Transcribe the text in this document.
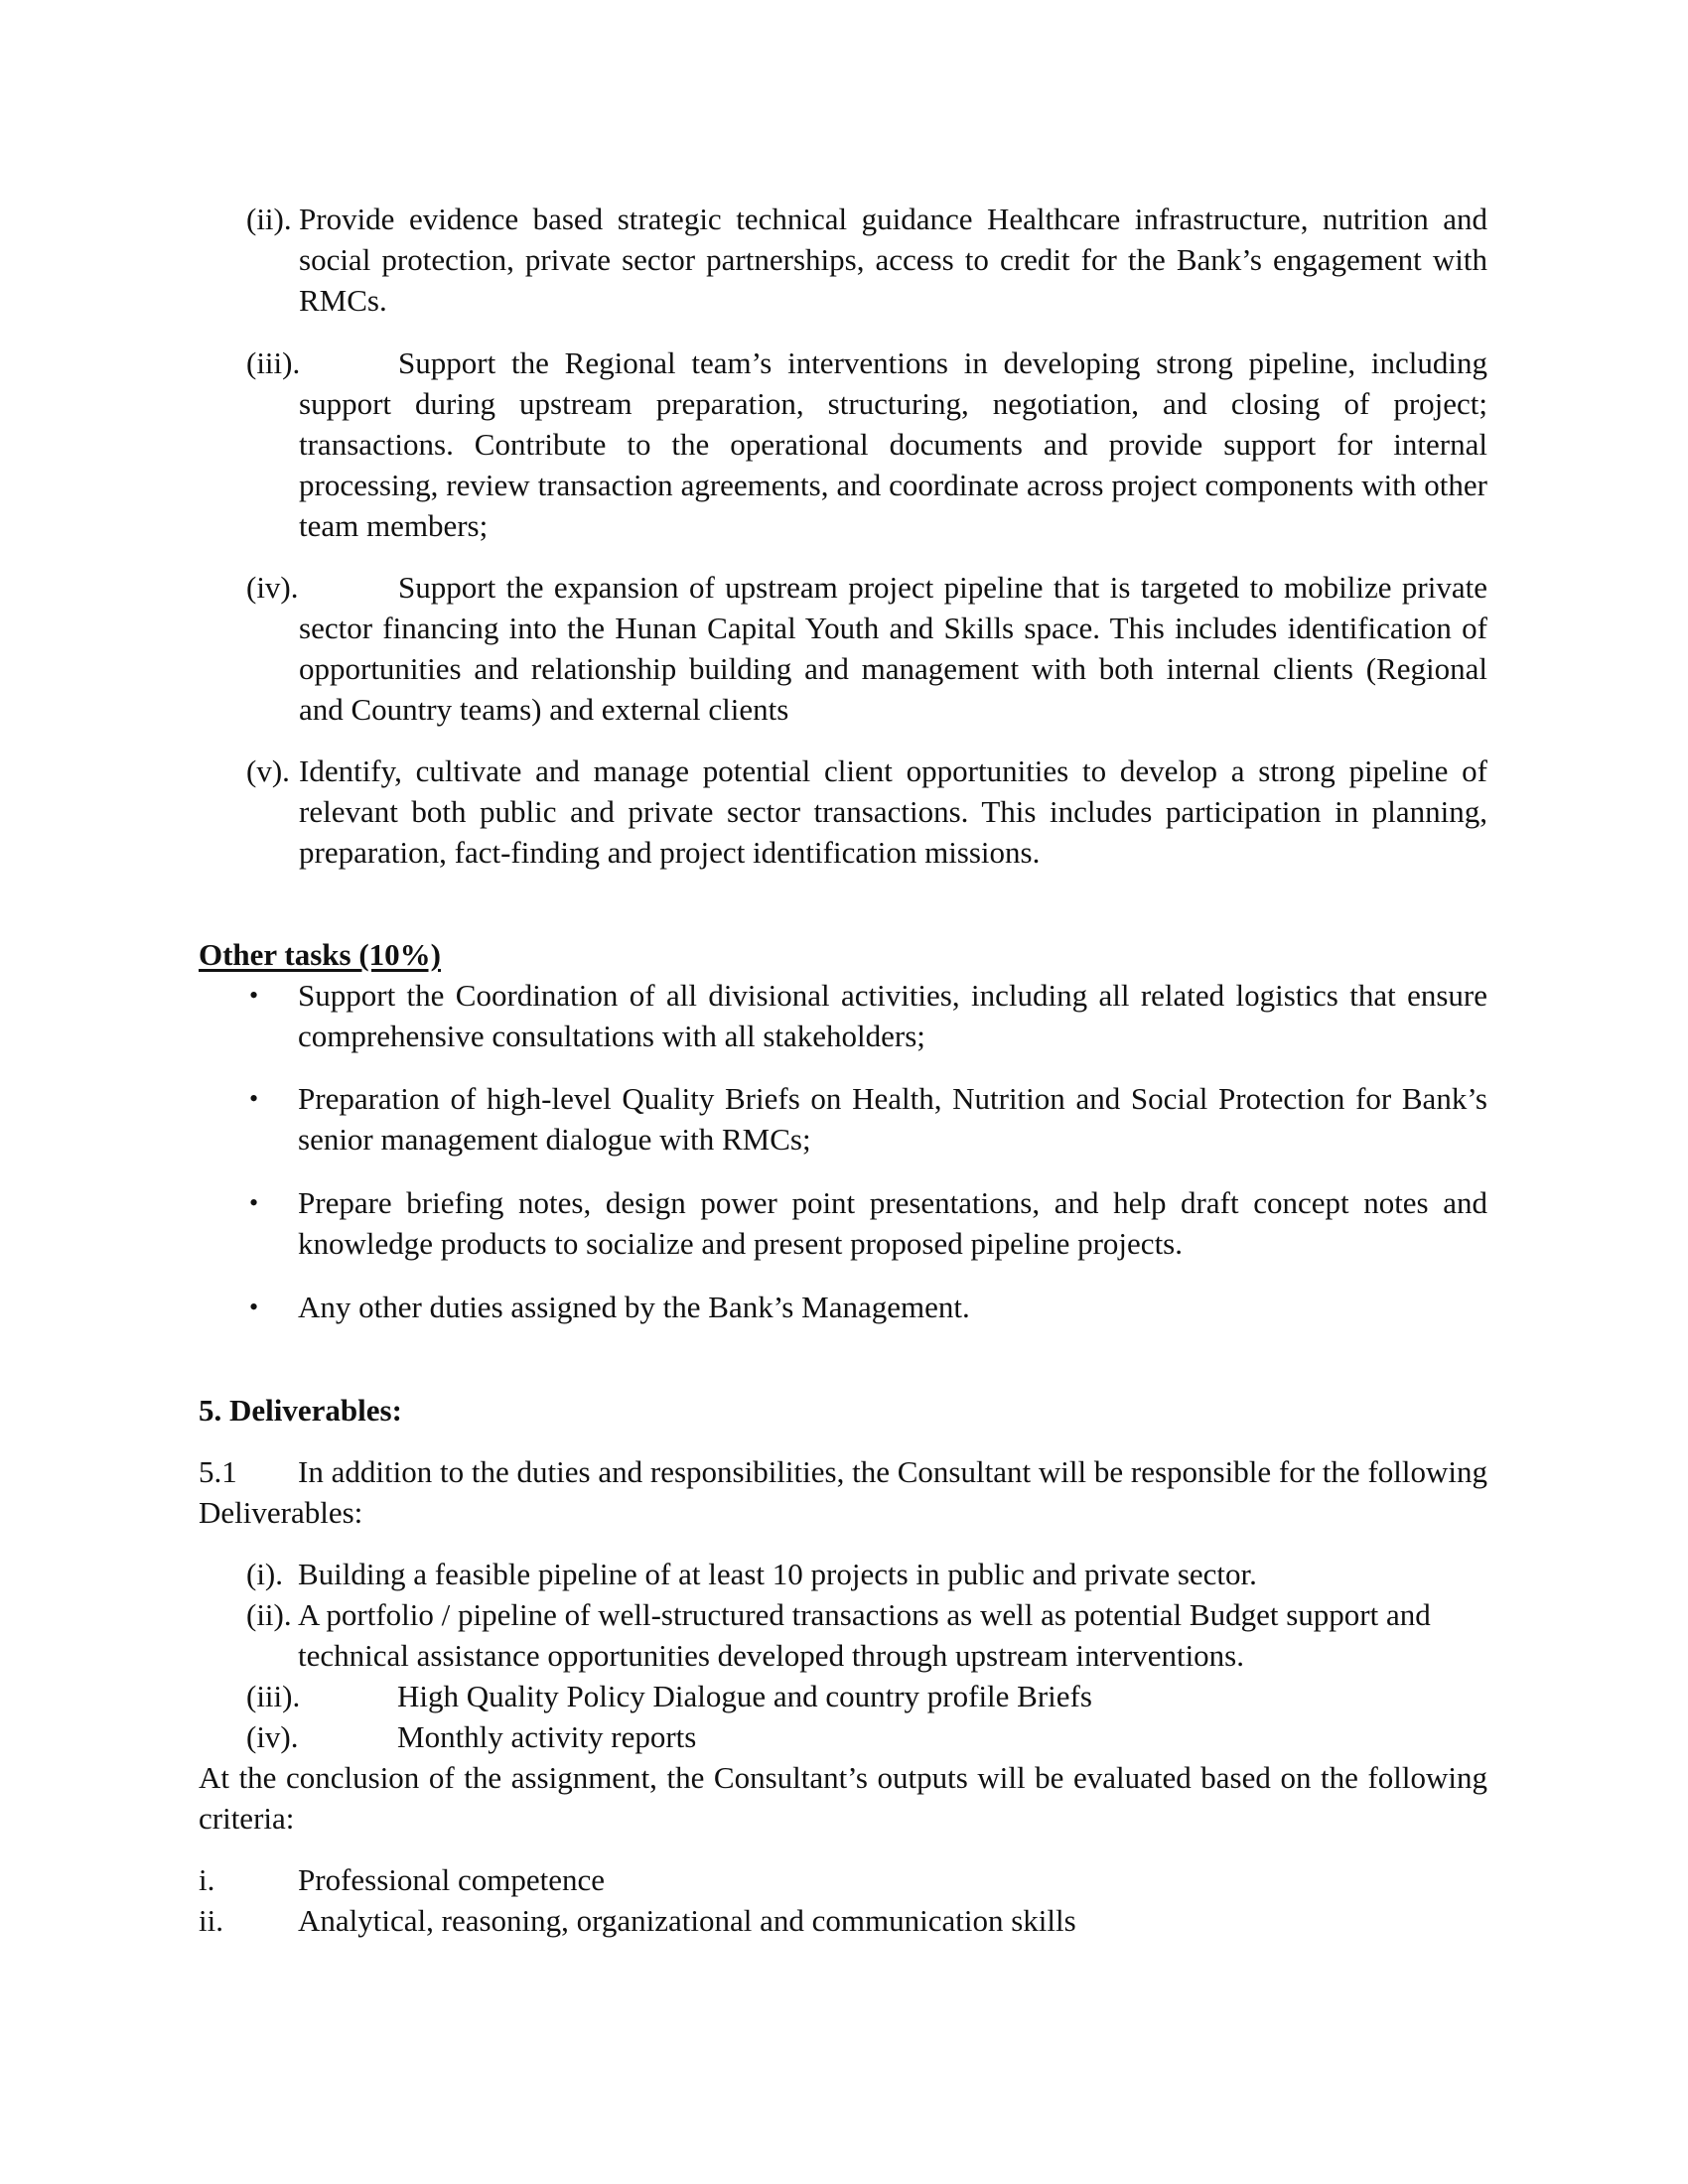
(ii). Provide evidence based strategic technical guidance Healthcare infrastructure, nutrition and social protection, private sector partnerships, access to credit for the Bank’s engagement with RMCs.
(iii).	Support the Regional team’s interventions in developing strong pipeline, including support during upstream preparation, structuring, negotiation, and closing of project; transactions. Contribute to the operational documents and provide support for internal processing, review transaction agreements, and coordinate across project components with other team members;
(iv).	Support the expansion of upstream project pipeline that is targeted to mobilize private sector financing into the Hunan Capital Youth and Skills space. This includes identification of opportunities and relationship building and management with both internal clients (Regional and Country teams) and external clients
(v). Identify, cultivate and manage potential client opportunities to develop a strong pipeline of relevant both public and private sector transactions. This includes participation in planning, preparation, fact-finding and project identification missions.
Other tasks (10%)
• Support the Coordination of all divisional activities, including all related logistics that ensure comprehensive consultations with all stakeholders;
• Preparation of high-level Quality Briefs on Health, Nutrition and Social Protection for Bank’s senior management dialogue with RMCs;
• Prepare briefing notes, design power point presentations, and help draft concept notes and knowledge products to socialize and present proposed pipeline projects.
• Any other duties assigned by the Bank’s Management.
5. Deliverables:
5.1 In addition to the duties and responsibilities, the Consultant will be responsible for the following Deliverables:
(i). Building a feasible pipeline of at least 10 projects in public and private sector.
(ii). A portfolio / pipeline of well-structured transactions as well as potential Budget support and technical assistance opportunities developed through upstream interventions.
(iii).	High Quality Policy Dialogue and country profile Briefs
(iv).	Monthly activity reports
At the conclusion of the assignment, the Consultant’s outputs will be evaluated based on the following criteria:
i.	Professional competence
ii. Analytical, reasoning, organizational and communication skills
